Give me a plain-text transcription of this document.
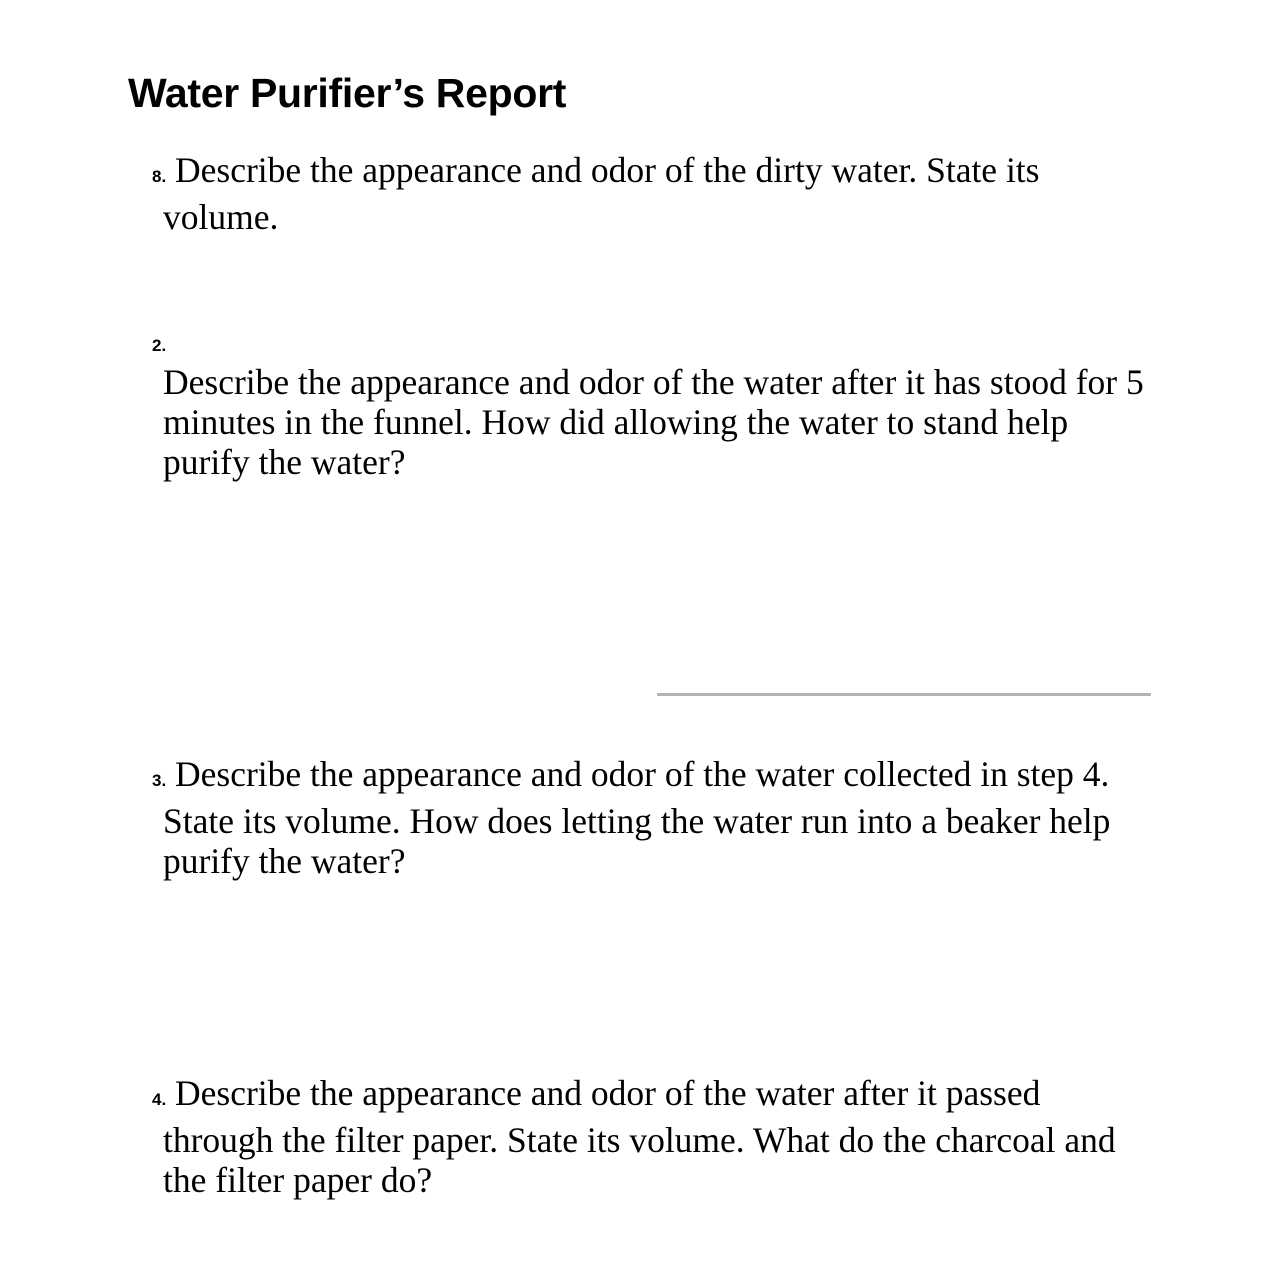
Water Purifier’s Report
8. Describe the appearance and odor of the dirty water. State its
volume.
2.
Describe the appearance and odor of the water after it has stood for 5
minutes in the funnel. How did allowing the water to stand help
purify the water?
3. Describe the appearance and odor of the water collected in step 4.
State its volume. How does letting the water run into a beaker help
purify the water?
4. Describe the appearance and odor of the water after it passed
through the filter paper. State its volume. What do the charcoal and
the filter paper do?
